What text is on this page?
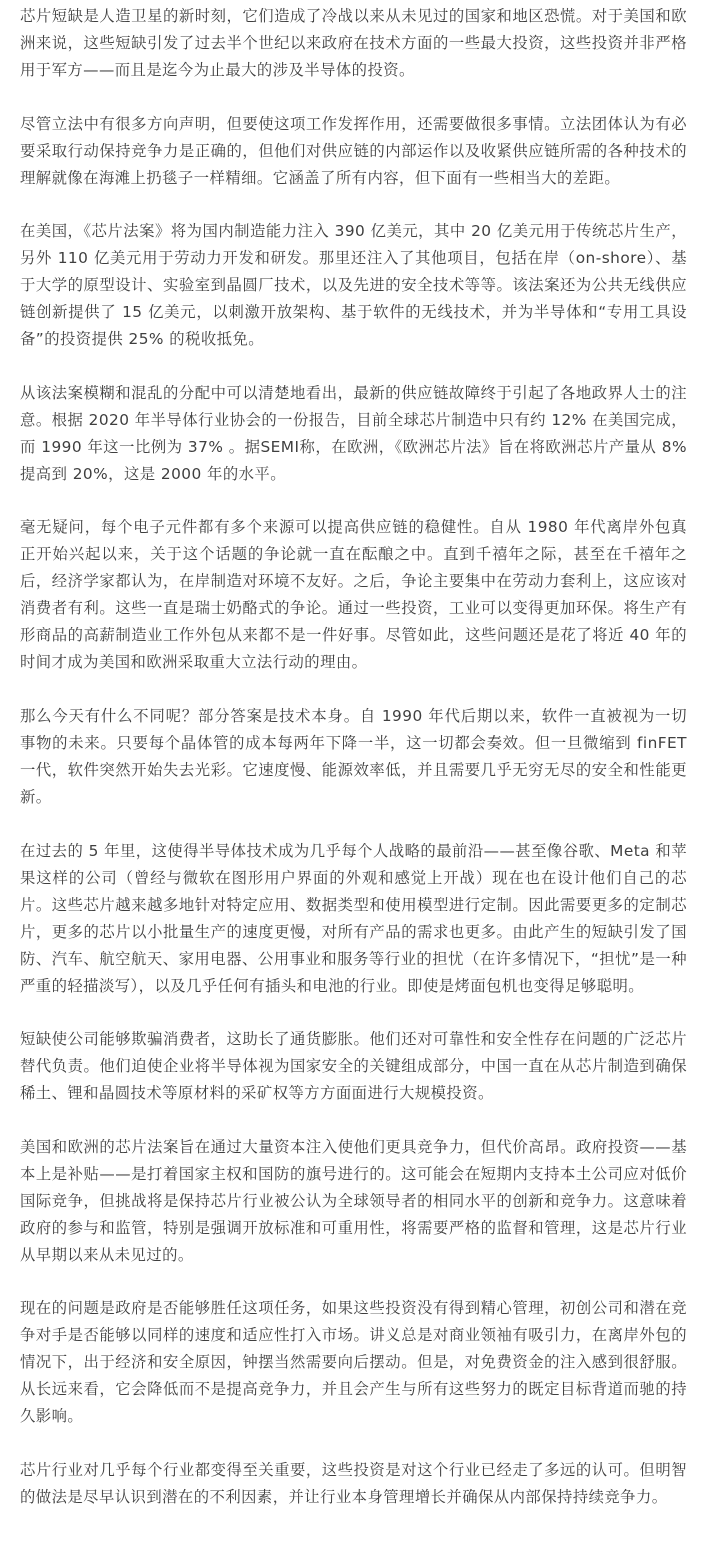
芯片短缺是人造卫星的新时刻，它们造成了冷战以来从未见过的国家和地区恐慌。对于美国和欧洲来说，这些短缺引发了过去半个世纪以来政府在技术方面的一些最大投资，这些投资并非严格用于军方——而且是迄今为止最大的涉及半导体的投资。

尽管立法中有很多方向声明，但要使这项工作发挥作用，还需要做很多事情。立法团体认为有必要采取行动保持竞争力是正确的，但他们对供应链的内部运作以及收紧供应链所需的各种技术的理解就像在海滩上扔毯子一样精细。它涵盖了所有内容，但下面有一些相当大的差距。

在美国，《芯片法案》将为国内制造能力注入 390 亿美元，其中 20 亿美元用于传统芯片生产，另外 110 亿美元用于劳动力开发和研发。那里还注入了其他项目，包括在岸（on-shore）、基于大学的原型设计、实验室到晶圆厂技术，以及先进的安全技术等等。该法案还为公共无线供应链创新提供了 15 亿美元，以刺激开放架构、基于软件的无线技术，并为半导体和“专用工具设备”的投资提供 25% 的税收抵免。

从该法案模糊和混乱的分配中可以清楚地看出，最新的供应链故障终于引起了各地政界人士的注意。根据 2020 年半导体行业协会的一份报告，目前全球芯片制造中只有约 12% 在美国完成，而 1990 年这一比例为 37% 。据SEMI称，在欧洲，《欧洲芯片法》旨在将欧洲芯片产量从 8% 提高到 20%，这是 2000 年的水平。

毫无疑问，每个电子元件都有多个来源可以提高供应链的稳健性。自从 1980 年代离岸外包真正开始兴起以来，关于这个话题的争论就一直在酝酿之中。直到千禧年之际，甚至在千禧年之后，经济学家都认为，在岸制造对环境不友好。之后，争论主要集中在劳动力套利上，这应该对消费者有利。这些一直是瑞士奶酪式的争论。通过一些投资，工业可以变得更加环保。将生产有形商品的高薪制造业工作外包从来都不是一件好事。尽管如此，这些问题还是花了将近 40 年的时间才成为美国和欧洲采取重大立法行动的理由。

那么今天有什么不同呢？部分答案是技术本身。自 1990 年代后期以来，软件一直被视为一切事物的未来。只要每个晶体管的成本每两年下降一半，这一切都会奏效。但一旦微缩到 finFET 一代，软件突然开始失去光彩。它速度慢、能源效率低，并且需要几乎无穷无尽的安全和性能更新。

在过去的 5 年里，这使得半导体技术成为几乎每个人战略的最前沿——甚至像谷歌、Meta 和苹果这样的公司（曾经与微软在图形用户界面的外观和感觉上开战）现在也在设计他们自己的芯片。这些芯片越来越多地针对特定应用、数据类型和使用模型进行定制。因此需要更多的定制芯片，更多的芯片以小批量生产的速度更慢，对所有产品的需求也更多。由此产生的短缺引发了国防、汽车、航空航天、家用电器、公用事业和服务等行业的担忧（在许多情况下，“担忧”是一种严重的轻描淡写），以及几乎任何有插头和电池的行业。即使是烤面包机也变得足够聪明。

短缺使公司能够欺骗消费者，这助长了通货膨胀。他们还对可靠性和安全性存在问题的广泛芯片替代负责。他们迫使企业将半导体视为国家安全的关键组成部分，中国一直在从芯片制造到确保稀土、锂和晶圆技术等原材料的采矿权等方方面面进行大规模投资。

美国和欧洲的芯片法案旨在通过大量资本注入使他们更具竞争力，但代价高昂。政府投资——基本上是补贴——是打着国家主权和国防的旗号进行的。这可能会在短期内支持本土公司应对低价国际竞争，但挑战将是保持芯片行业被公认为全球领导者的相同水平的创新和竞争力。这意味着政府的参与和监管，特别是强调开放标准和可重用性，将需要严格的监督和管理，这是芯片行业从早期以来从未见过的。

现在的问题是政府是否能够胜任这项任务，如果这些投资没有得到精心管理，初创公司和潜在竞争对手是否能够以同样的速度和适应性打入市场。讲义总是对商业领袖有吸引力，在离岸外包的情况下，出于经济和安全原因，钟摆当然需要向后摆动。但是，对免费资金的注入感到很舒服。从长远来看，它会降低而不是提高竞争力，并且会产生与所有这些努力的既定目标背道而驰的持久影响。

芯片行业对几乎每个行业都变得至关重要，这些投资是对这个行业已经走了多远的认可。但明智的做法是尽早认识到潜在的不利因素，并让行业本身管理增长并确保从内部保持持续竞争力。
